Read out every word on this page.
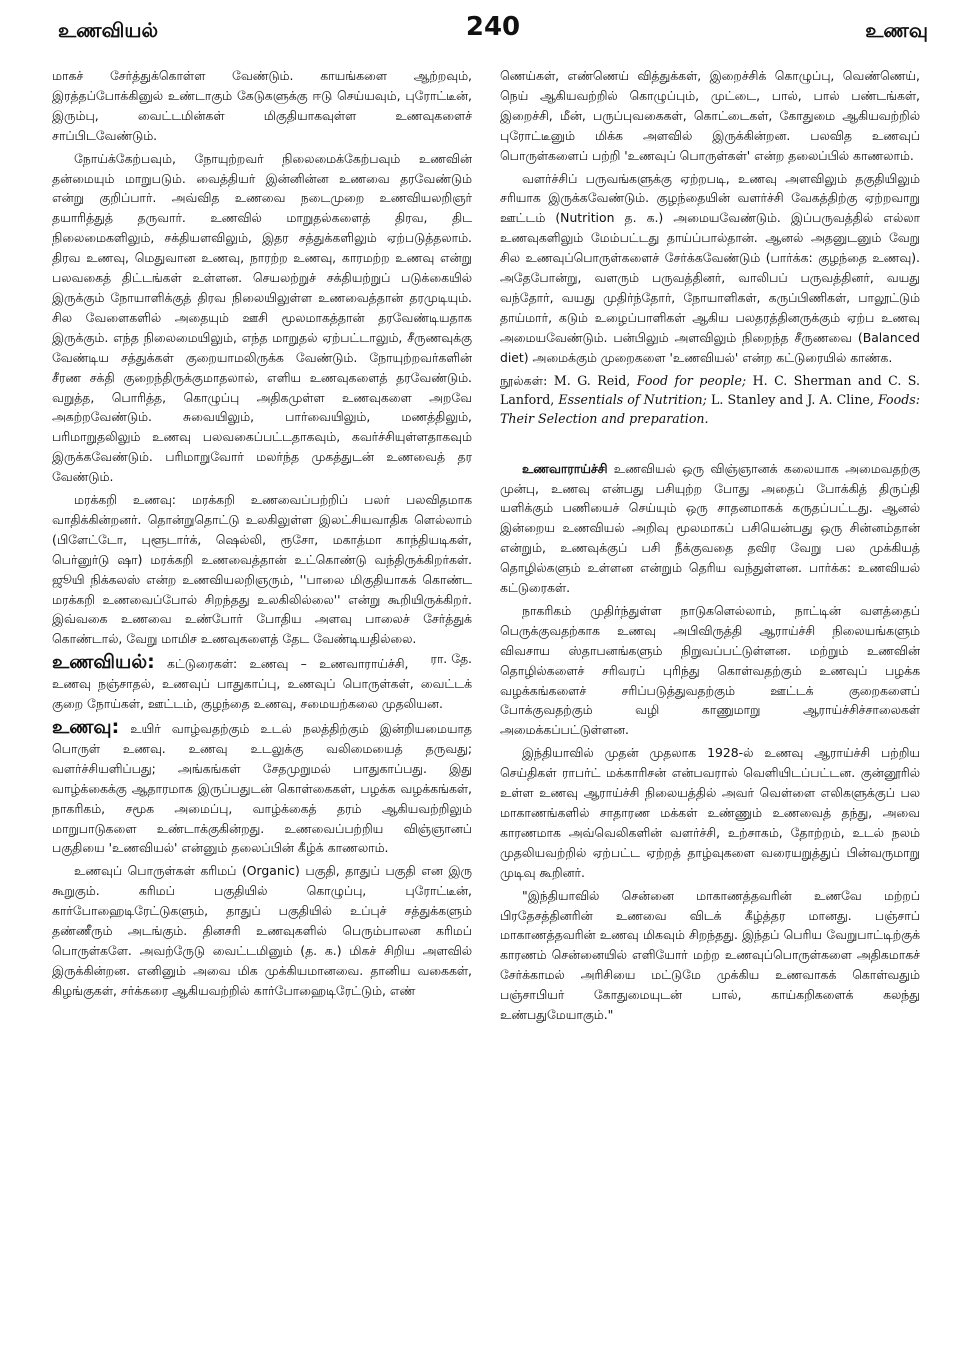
உணவியல்	240	உணவு

மாகச் சேர்த்துக்கொள்ள வேண்டும். காயங்களை ஆற்றவும், இரத்தப்போக்கினுல் உண்டாகும் கேடுகளுக்கு ஈடு செய்யவும், புரோட்டீன், இரும்பு, வைட்டமின்கள் மிகுதியாகவுள்ள உணவுகளைச் சாப்பிடவேண்டும்.

நோய்க்கேற்பவும், நோயுற்றவர் நிலைமைக்கேற்பவும் உணவின் தன்மையும் மாறுபடும். வைத்தியர் இன்னின்ன உணவை தரவேண்டும் என்று குறிப்பார். அவ்வித உணவை நடைமுறை உணவியலறிஞர் தயாரித்துத் தருவார். உணவில் மாறுதல்களைத் திரவ, திட நிலைமைகளிலும், சக்தியளவிலும், இதர சத்துக்களிலும் ஏற்படுத்தலாம். திரவ உணவு, மெதுவான உணவு, நாரற்ற உணவு, காரமற்ற உணவு என்று பலவகைத் திட்டங்கள் உள்ளன. செயலற்றுச் சக்தியற்றுப் படுக்கையில் இருக்கும் நோயாளிக்குத் திரவ நிலையிலுள்ள உணவைத்தான் தரமுடியும். சில வேளைகளில் அதையும் ஊசி மூலமாகத்தான் தரவேண்டியதாக இருக்கும். எந்த நிலைமையிலும், எந்த மாறுதல் ஏற்பட்டாலும், சீருணவுக்கு வேண்டிய சத்துக்கள் குறையாமலிருக்க வேண்டும். நோயுற்றவர்களின் சீரண சக்தி குறைந்திருக்குமாதலால், எளிய உணவுகளைத் தரவேண்டும். வறுத்த, பொரித்த, கொழுப்பு அதிகமுள்ள உணவுகளை அறவே அகற்றவேண்டும். சுவையிலும், பார்வையிலும், மணத்திலும், பரிமாறுதலிலும் உணவு பலவகைப்பட்டதாகவும், கவர்ச்சியுள்ளதாகவும் இருக்கவேண்டும். பரிமாறுவோர் மலர்ந்த முகத்துடன் உணவைத் தர வேண்டும்.

மரக்கறி உணவு: மரக்கறி உணவைப்பற்றிப் பலர் பலவிதமாக வாதிக்கின்றனர். தொன்றுதொட்டு உலகிலுள்ள இலட்சியவாதிக ளெல்லாம் (பிளேட்டோ, புளூடார்க், ஷெல்லி, ரூசோ, மகாத்மா காந்தியடிகள், பெர்னுர்டு ஷா) மரக்கறி உணவைத்தான் உட்கொண்டு வந்திருக்கிறர்கள். ஜூயி நிக்கலஸ் என்ற உணவியலறிஞரும், ''பாலை மிகுதியாகக் கொண்ட மரக்கறி உணவைப்போல் சிறந்தது உலகிலில்லை'' என்று கூறியிருக்கிறர். இவ்வகை உணவை உண்போர் போதிய அளவு பாலைச் சேர்த்துக் கொண்டால், வேறு மாமிச உணவுகளைத் தேட வேண்டியதில்லை.
ரா. தே.

உணவியல்: கட்டுரைகள்: உணவு – உணவாராய்ச்சி, உணவு நஞ்சாதல், உணவுப் பாதுகாப்பு, உணவுப் பொருள்கள், வைட்டக் குறை நோய்கள், ஊட்டம், குழந்தை உணவு, சமையற்கலை முதலியன.

உணவு: உயிர் வாழ்வதற்கும் உடல் நலத்திற்கும் இன்றியமையாத பொருள் உணவு. உணவு உடலுக்கு வலிமையைத் தருவது; வளர்ச்சியளிப்பது; அங்கங்கள் சேதமுறுமல் பாதுகாப்பது. இது வாழ்க்கைக்கு ஆதாரமாக இருப்பதுடன் கொள்கைகள், பழக்க வழக்கங்கள், நாகரிகம், சமூக அமைப்பு, வாழ்க்கைத் தரம் ஆகியவற்றிலும் மாறுபாடுகளை உண்டாக்குகின்றது. உணவைப்பற்றிய விஞ்ஞானப் பகுதியை 'உணவியல்' என்னும் தலைப்பின் கீழ்க் காணலாம்.

உணவுப் பொருள்கள் கரிமப் (Organic) பகுதி, தாதுப் பகுதி என இரு கூறுகும். கரிமப் பகுதியில் கொழுப்பு, புரோட்டீன், கார்போஹைடிரேட்டுகளும், தாதுப் பகுதியில் உப்புச் சத்துக்களும் தண்ணீரும் அடங்கும். தினசரி உணவுகளில் பெரும்பாலன கரிமப் பொருள்களே. அவற்ருேடு வைட்டமினும் (த. க.) மிகச் சிறிய அளவில் இருக்கின்றன. எனினும் அவை மிக முக்கியமானவை. தானிய வகைகள், கிழங்குகள், சர்க்கரை ஆகியவற்றில் கார்போஹைடிரேட்டும், எண்

ணெய்கள், எண்ணெய் வித்துக்கள், இறைச்சிக் கொழுப்பு, வெண்ணெய், நெய் ஆகியவற்றில் கொழுப்பும், முட்டை, பால், பால் பண்டங்கள், இறைச்சி, மீன், பருப்புவகைகள், கொட்டைகள், கோதுமை ஆகியவற்றில் புரோட்டீனும் மிக்க அளவில் இருக்கின்றன. பலவித உணவுப் பொருள்களைப் பற்றி 'உணவுப் பொருள்கள்' என்ற தலைப்பில் காணலாம்.

வளர்ச்சிப் பருவங்களுக்கு ஏற்றபடி, உணவு அளவிலும் தகுதியிலும் சரியாக இருக்கவேண்டும். குழந்தையின் வளர்ச்சி வேகத்திற்கு ஏற்றவாறு ஊட்டம் (Nutrition த. க.) அமையவேண்டும். இப்பருவத்தில் எல்லா உணவுகளிலும் மேம்பட்டது தாய்ப்பால்தான். ஆனல் அதனுடனும் வேறு சில உணவுப்பொருள்களைச் சேர்க்கவேண்டும் (பார்க்க: குழந்தை உணவு). அதேபோன்று, வளரும் பருவத்தினர், வாலிபப் பருவத்தினர், வயது வந்தோர், வயது முதிர்ந்தோர், நோயாளிகள், கருப்பிணிகள், பாலூட்டும் தாய்மார், கடும் உழைப்பாளிகள் ஆகிய பலதரத்தினருக்கும் ஏற்ப உணவு அமையவேண்டும். பன்பிலும் அளவிலும் நிறைந்த சீருணவை (Balanced diet) அமைக்கும் முறைகளை 'உணவியல்' என்ற கட்டுரையில் காண்க.

நூல்கள்: M. G. Reid, Food for people; H. C. Sherman and C. S. Lanford, Essentials of Nutrition; L. Stanley and J. A. Cline, Foods: Their Selection and preparation.

உணவாராய்ச்சி உணவியல் ஒரு விஞ்ஞானக் கலையாக அமைவதற்கு முன்பு, உணவு என்பது பசியுற்ற போது அதைப் போக்கித் திருப்தி யளிக்கும் பணியைச் செய்யும் ஒரு சாதனமாகக் கருதப்பட்டது. ஆனல் இன்றைய உணவியல் அறிவு மூலமாகப் பசியென்பது ஒரு சின்னம்தான் என்றும், உணவுக்குப் பசி நீக்குவதை தவிர வேறு பல முக்கியத் தொழில்களும் உள்ளன என்றும் தெரிய வந்துள்ளன. பார்க்க: உணவியல் கட்டுரைகள்.

நாகரிகம் முதிர்ந்துள்ள நாடுகளெல்லாம், நாட்டின் வளத்தைப் பெருக்குவதற்காக உணவு அபிவிருத்தி ஆராய்ச்சி நிலையங்களும் விவசாய ஸ்தாபனங்களும் நிறுவப்பட்டுள்ளன. மற்றும் உணவின் தொழில்களைச் சரிவரப் புரிந்து கொள்வதற்கும் உணவுப் பழக்க வழக்கங்களைச் சரிப்படுத்துவதற்கும் ஊட்டக் குறைகளைப் போக்குவதற்கும் வழி காணுமாறு ஆராய்ச்சிச்சாலைகள் அமைக்கப்பட்டுள்ளன.

இந்தியாவில் முதன் முதலாக 1928-ல் உணவு ஆராய்ச்சி பற்றிய செய்திகள் ராபர்ட் மக்காரிசன் என்பவரால் வெளியிடப்பட்டன. குன்னூரில் உள்ள உணவு ஆராய்ச்சி நிலையத்தில் அவர் வெள்ளை எலிகளுக்குப் பல மாகாணங்களில் சாதாரண மக்கள் உண்ணும் உணவைத் தந்து, அவை காரணமாக அவ்வெலிகளின் வளர்ச்சி, உற்சாகம், தோற்றம், உடல் நலம் முதலியவற்றில் ஏற்பட்ட ஏற்றத் தாழ்வுகளை வரையறுத்துப் பின்வருமாறு முடிவு கூறினர்.

"இந்தியாவில் சென்னை மாகாணத்தவரின் உணவே மற்றப் பிரதேசத்தினரின் உணவை விடக் கீழ்த்தர மானது. பஞ்சாப் மாகாணத்தவரின் உணவு மிகவும் சிறந்தது. இந்தப் பெரிய வேறுபாட்டிற்குக் காரணம் சென்னையில் எளியோர் மற்ற உணவுப்பொருள்களை அதிகமாகச் சேர்க்காமல் அரிசியை மட்டுமே முக்கிய உணவாகக் கொள்வதும் பஞ்சாபியர் கோதுமையுடன் பால், காய்கறிகளைக் கலந்து உண்பதுமேயாகும்."
